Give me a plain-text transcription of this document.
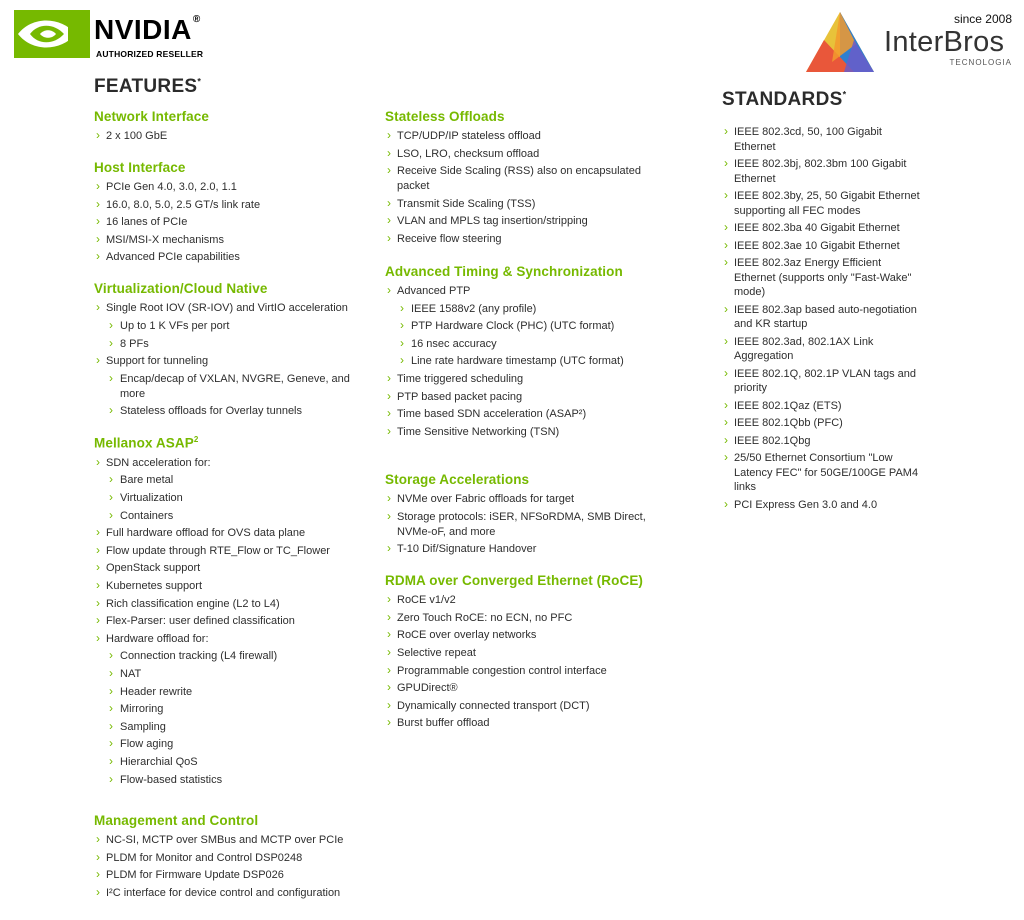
NVIDIA®
AUTHORIZED RESELLER
since 2008
InterBros
TECNOLOGIA
FEATURES*
STANDARDS*
Network Interface
› 2 x 100 GbE
Host Interface
› PCIe Gen 4.0, 3.0, 2.0, 1.1
› 16.0, 8.0, 5.0, 2.5 GT/s link rate
› 16 lanes of PCIe
› MSI/MSI-X mechanisms
› Advanced PCIe capabilities
Virtualization/Cloud Native
› Single Root IOV (SR-IOV) and VirtIO acceleration
› Up to 1 K VFs per port
› 8 PFs
› Support for tunneling
› Encap/decap of VXLAN, NVGRE, Geneve, and more
› Stateless offloads for Overlay tunnels
Mellanox ASAP$^2$
› SDN acceleration for:
› Bare metal
› Virtualization
› Containers
› Full hardware offload for OVS data plane
› Flow update through RTE_Flow or TC_Flower
› OpenStack support
› Kubernetes support
› Rich classification engine (L2 to L4)
› Flex-Parser: user defined classification
› Hardware offload for:
› Connection tracking (L4 firewall)
› NAT
› Header rewrite
› Mirroring
› Sampling
› Flow aging
› Hierarchial QoS
› Flow-based statistics
Management and Control
› NC-SI, MCTP over SMBus and MCTP over PCIe
› PLDM for Monitor and Control DSP0248
› PLDM for Firmware Update DSP026
› I²C interface for device control and configuration
Stateless Offloads
› TCP/UDP/IP stateless offload
› LSO, LRO, checksum offload
› Receive Side Scaling (RSS) also on encapsulated packet
› Transmit Side Scaling (TSS)
› VLAN and MPLS tag insertion/stripping
› Receive flow steering
Advanced Timing & Synchronization
› Advanced PTP
› IEEE 1588v2 (any profile)
› PTP Hardware Clock (PHC) (UTC format)
› 16 nsec accuracy
› Line rate hardware timestamp (UTC format)
› Time triggered scheduling
› PTP based packet pacing
› Time based SDN acceleration (ASAP²)
› Time Sensitive Networking (TSN)
Storage Accelerations
› NVMe over Fabric offloads for target
› Storage protocols: iSER, NFSoRDMA, SMB Direct, NVMe-oF, and more
› T-10 Dif/Signature Handover
RDMA over Converged Ethernet (RoCE)
› RoCE v1/v2
› Zero Touch RoCE: no ECN, no PFC
› RoCE over overlay networks
› Selective repeat
› Programmable congestion control interface
› GPUDirect®
› Dynamically connected transport (DCT)
› Burst buffer offload
› IEEE 802.3cd, 50, 100 Gigabit Ethernet
› IEEE 802.3bj, 802.3bm 100 Gigabit Ethernet
› IEEE 802.3by, 25, 50 Gigabit Ethernet supporting all FEC modes
› IEEE 802.3ba 40 Gigabit Ethernet
› IEEE 802.3ae 10 Gigabit Ethernet
› IEEE 802.3az Energy Efficient Ethernet (supports only "Fast-Wake" mode)
› IEEE 802.3ap based auto-negotiation and KR startup
› IEEE 802.3ad, 802.1AX Link Aggregation
› IEEE 802.1Q, 802.1P VLAN tags and priority
› IEEE 802.1Qaz (ETS)
› IEEE 802.1Qbb (PFC)
› IEEE 802.1Qbg
› 25/50 Ethernet Consortium "Low Latency FEC" for 50GE/100GE PAM4 links
› PCI Express Gen 3.0 and 4.0
